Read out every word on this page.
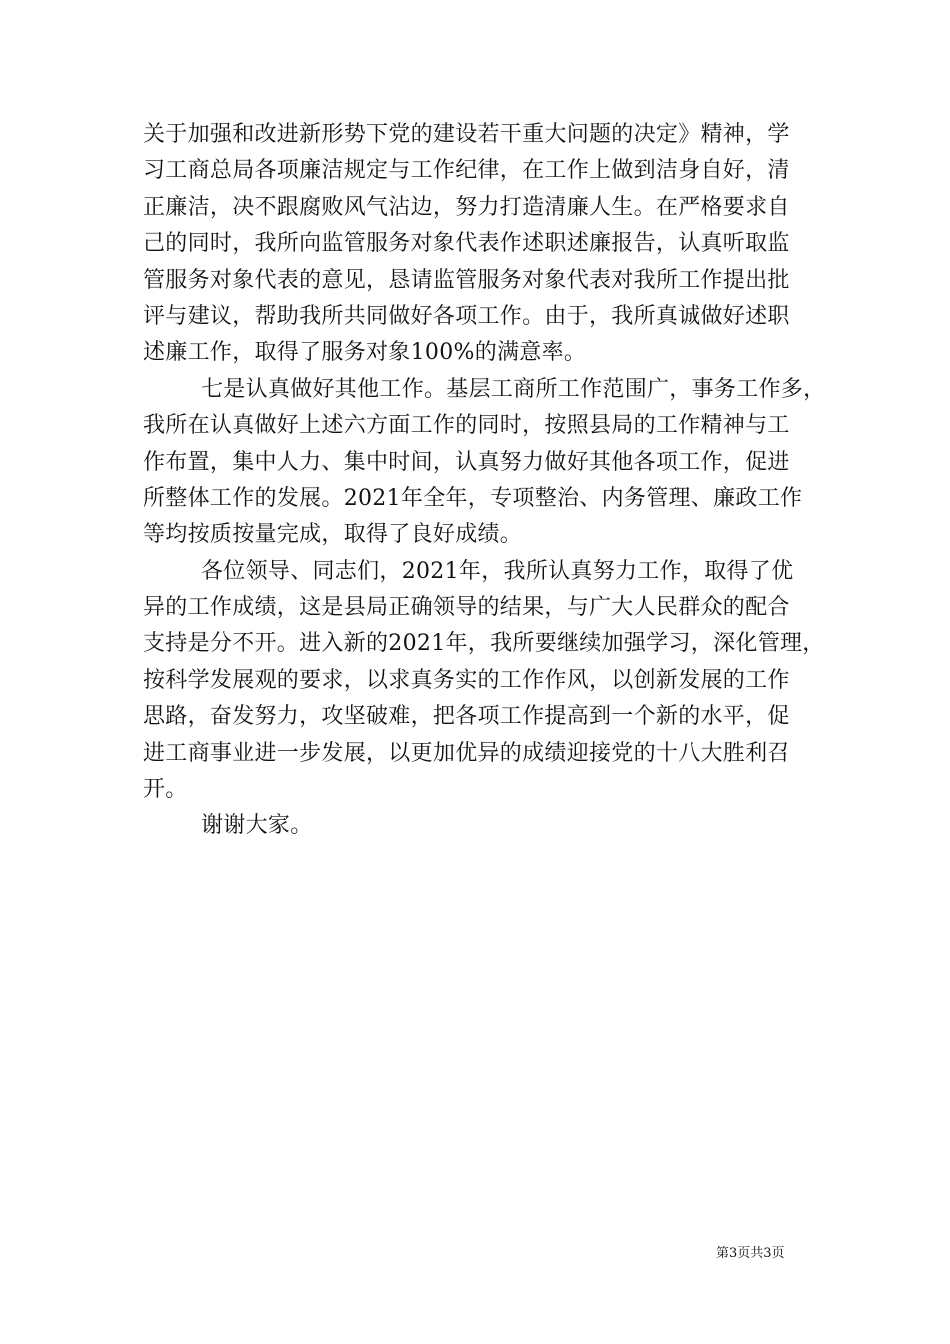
关于加强和改进新形势下党的建设若干重大问题的决定》精神，学
习工商总局各项廉洁规定与工作纪律，在工作上做到洁身自好，清
正廉洁，决不跟腐败风气沾边，努力打造清廉人生。在严格要求自
己的同时，我所向监管服务对象代表作述职述廉报告，认真听取监
管服务对象代表的意见，恳请监管服务对象代表对我所工作提出批
评与建议，帮助我所共同做好各项工作。由于，我所真诚做好述职
述廉工作，取得了服务对象100%的满意率。
七是认真做好其他工作。基层工商所工作范围广，事务工作多，
我所在认真做好上述六方面工作的同时，按照县局的工作精神与工
作布置，集中人力、集中时间，认真努力做好其他各项工作，促进
所整体工作的发展。2021年全年，专项整治、内务管理、廉政工作
等均按质按量完成，取得了良好成绩。
各位领导、同志们，2021年，我所认真努力工作，取得了优
异的工作成绩，这是县局正确领导的结果，与广大人民群众的配合
支持是分不开。进入新的2021年，我所要继续加强学习，深化管理，
按科学发展观的要求，以求真务实的工作作风，以创新发展的工作
思路，奋发努力，攻坚破难，把各项工作提高到一个新的水平，促
进工商事业进一步发展，以更加优异的成绩迎接党的十八大胜利召
开。
谢谢大家。
第3页共3页
